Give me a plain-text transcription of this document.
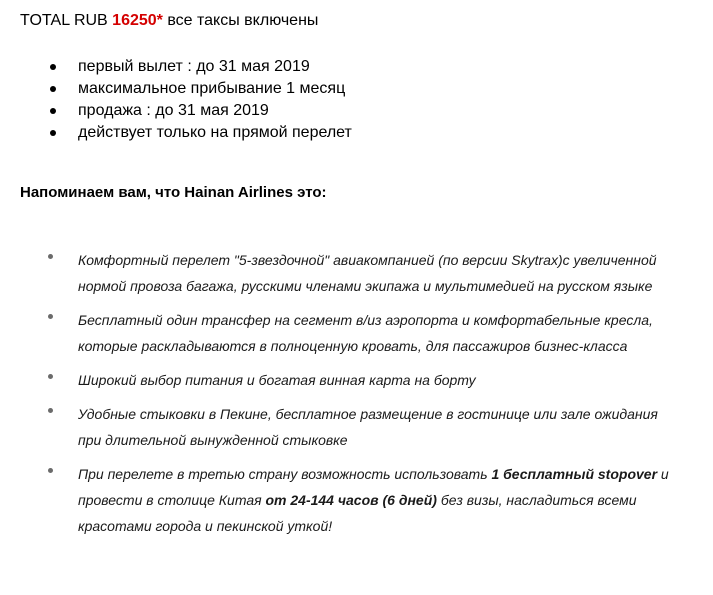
TOTAL RUB 16250* все таксы включены
первый вылет : до 31 мая 2019
максимальное прибывание 1 месяц
продажа : до 31 мая 2019
действует только на прямой перелет
Напоминаем вам, что Hainan Airlines это:
Комфортный перелет "5-звездочной" авиакомпанией (по версии Skytrax)с увеличенной
нормой провоза багажа, русскими членами экипажа и мультимедией на русском языке
Бесплатный один трансфер на сегмент в/из аэропорта и комфортабельные кресла,
которые раскладываются в полноценную кровать, для пассажиров бизнес-класса
Широкий выбор питания и богатая винная карта на борту
Удобные стыковки в Пекине, бесплатное размещение в гостинице или зале ожидания
при длительной вынужденной стыковке
При перелете в третью страну возможность использовать 1 бесплатный stopover и
провести в столице Китая от 24-144 часов (6 дней) без визы, насладиться всеми
красотами города и пекинской уткой!
